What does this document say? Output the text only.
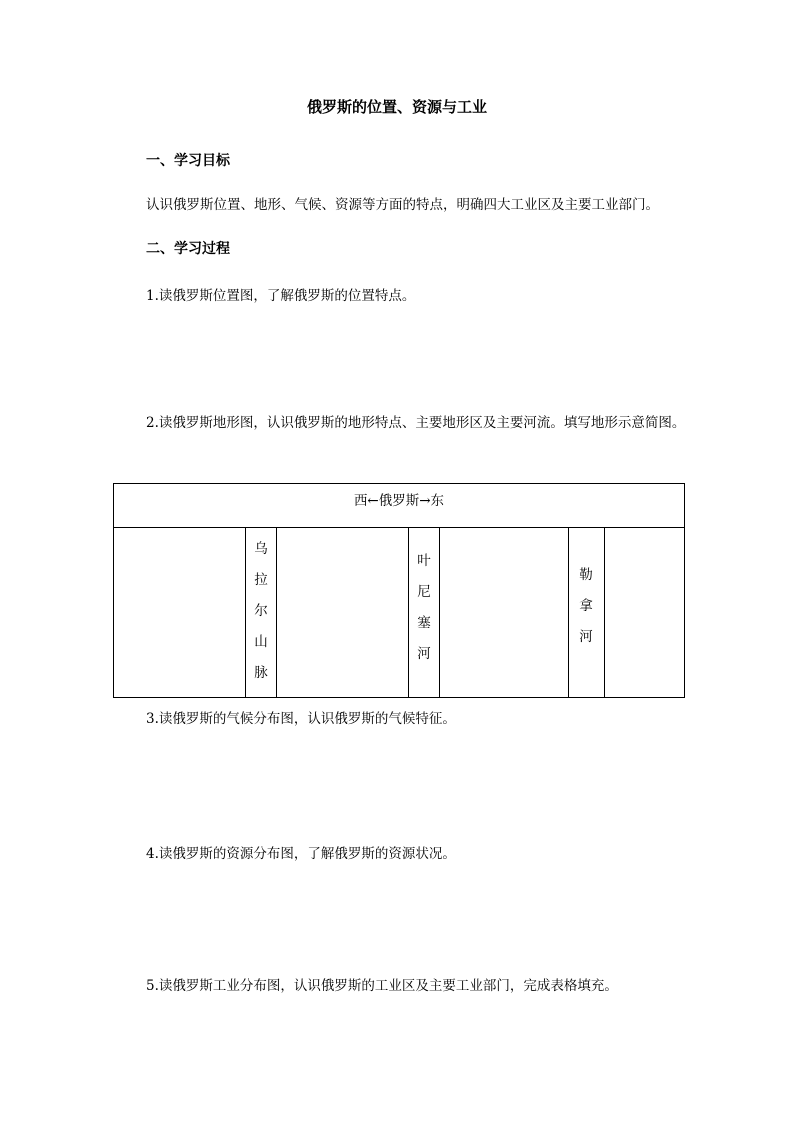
俄罗斯的位置、资源与工业
一、学习目标
认识俄罗斯位置、地形、气候、资源等方面的特点，明确四大工业区及主要工业部门。
二、学习过程
1.读俄罗斯位置图，了解俄罗斯的位置特点。
2.读俄罗斯地形图，认识俄罗斯的地形特点、主要地形区及主要河流。填写地形示意简图。
西←俄罗斯→东
乌
拉
尔
山
脉
叶
尼
塞
河
勒
拿
河
3.读俄罗斯的气候分布图，认识俄罗斯的气候特征。
4.读俄罗斯的资源分布图，了解俄罗斯的资源状况。
5.读俄罗斯工业分布图，认识俄罗斯的工业区及主要工业部门，完成表格填充。
